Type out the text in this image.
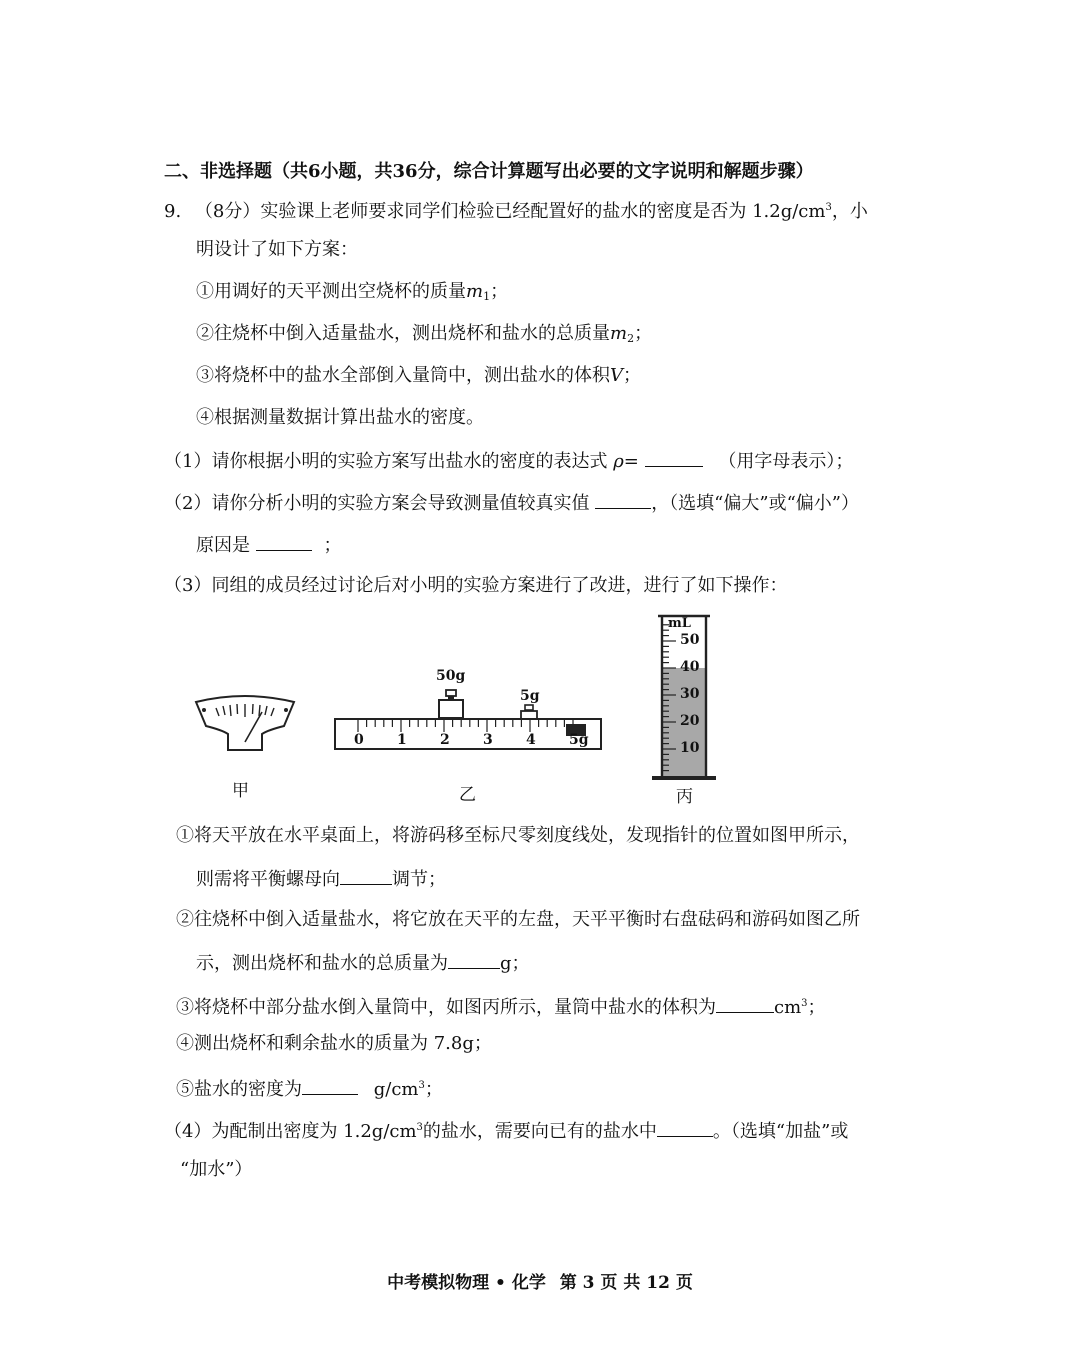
二、非选择题（共6小题，共36分，综合计算题写出必要的文字说明和解题步骤）
9. （8分）实验课上老师要求同学们检验已经配置好的盐水的密度是否为 $1.2g/cm^3$，小
明设计了如下方案：
①用调好的天平测出空烧杯的质量$m_1$；
②往烧杯中倒入适量盐水，测出烧杯和盐水的总质量$m_2$；
③将烧杯中的盐水全部倒入量筒中，测出盐水的体积V；
④根据测量数据计算出盐水的密度。
（1）请你根据小明的实验方案写出盐水的密度的表达式 ρ=	（用字母表示）；
（2）请你分析小明的实验方案会导致测量值较真实值	，（选填“偏大”或“偏小”）
原因是	；
（3）同组的成员经过讨论后对小明的实验方案进行了改进，进行了如下操作：
甲
50g
5g
0 1 2 3 4 5g
乙
mL
50
40
30
20
10
丙
①将天平放在水平桌面上，将游码移至标尺零刻度线处，发现指针的位置如图甲所示，
则需将平衡螺母向	调节；
②往烧杯中倒入适量盐水，将它放在天平的左盘，天平平衡时右盘砝码和游码如图乙所
示，测出烧杯和盐水的总质量为	g；
③将烧杯中部分盐水倒入量筒中，如图丙所示，量筒中盐水的体积为	$cm^3$；
④测出烧杯和剩余盐水的质量为 7.8g；
⑤盐水的密度为	$g/cm^3$；
（4）为配制出密度为 $1.2g/cm^3$的盐水，需要向已有的盐水中	。（选填“加盐”或
“加水”）
中考模拟物理 • 化学 第 3 页 共 12 页
